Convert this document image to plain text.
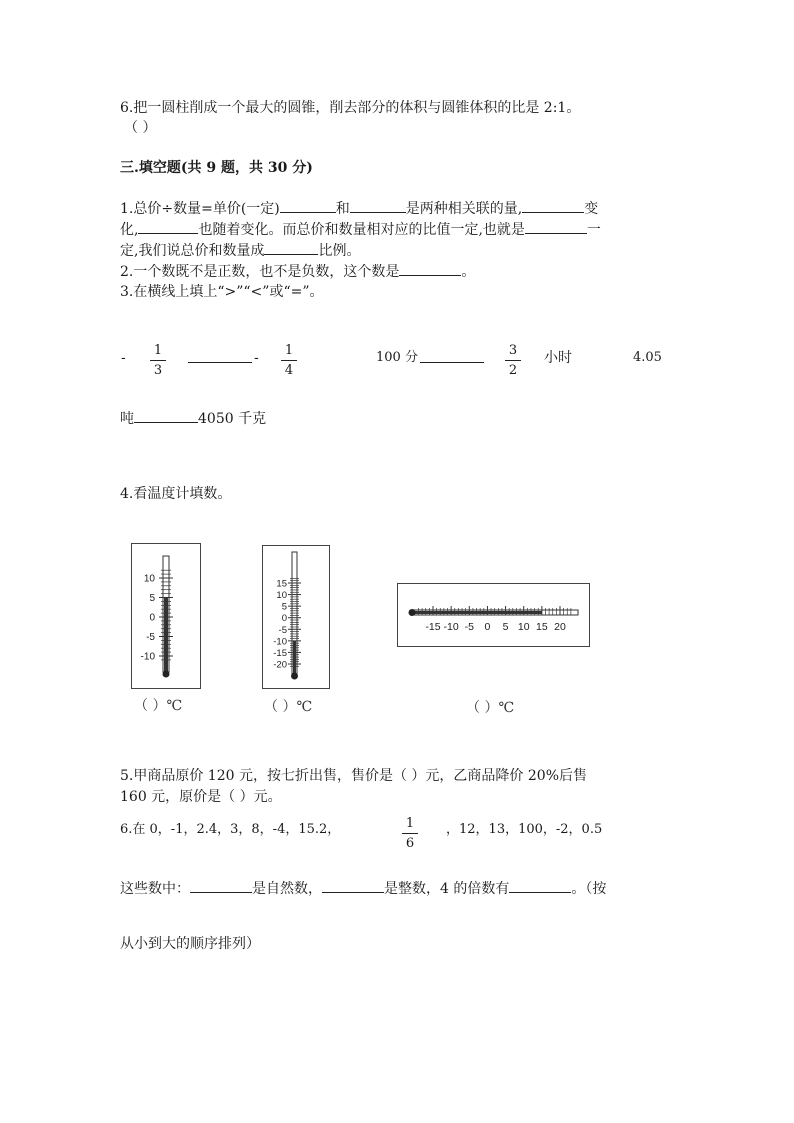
6.把一圆柱削成一个最大的圆锥，削去部分的体积与圆锥体积的比是 2:1。
（ ）
三.填空题(共 9 题，共 30 分)
1.总价÷数量=单价(一定)	和	是两种相关联的量,	变
化,	也随着变化。而总价和数量相对应的比值一定,也就是	一
定,我们说总价和数量成	比例。
2.一个数既不是正数，也不是负数，这个数是	。
3.在横线上填上“>”“<”或“=”。
-	1
3
-	1
4
100 分	3
2
小时	4.05
吨	4050 千克
4.看温度计填数。
10
5
0
-5
-10
15
10
5
0
-5
-10
-15
-20
-15 -10 -5 0 5 10 15 20
（ ）℃	（ ）℃	（ ）℃
5.甲商品原价 120 元，按七折出售，售价是（ ）元，乙商品降价 20%后售
160 元，原价是（ ）元。
6.在 0，-1，2.4，3，8，-4，15.2，	1
6
，12，13，100，-2，0.5
这些数中：	是自然数，	是整数，4 的倍数有	。（按
从小到大的顺序排列）
